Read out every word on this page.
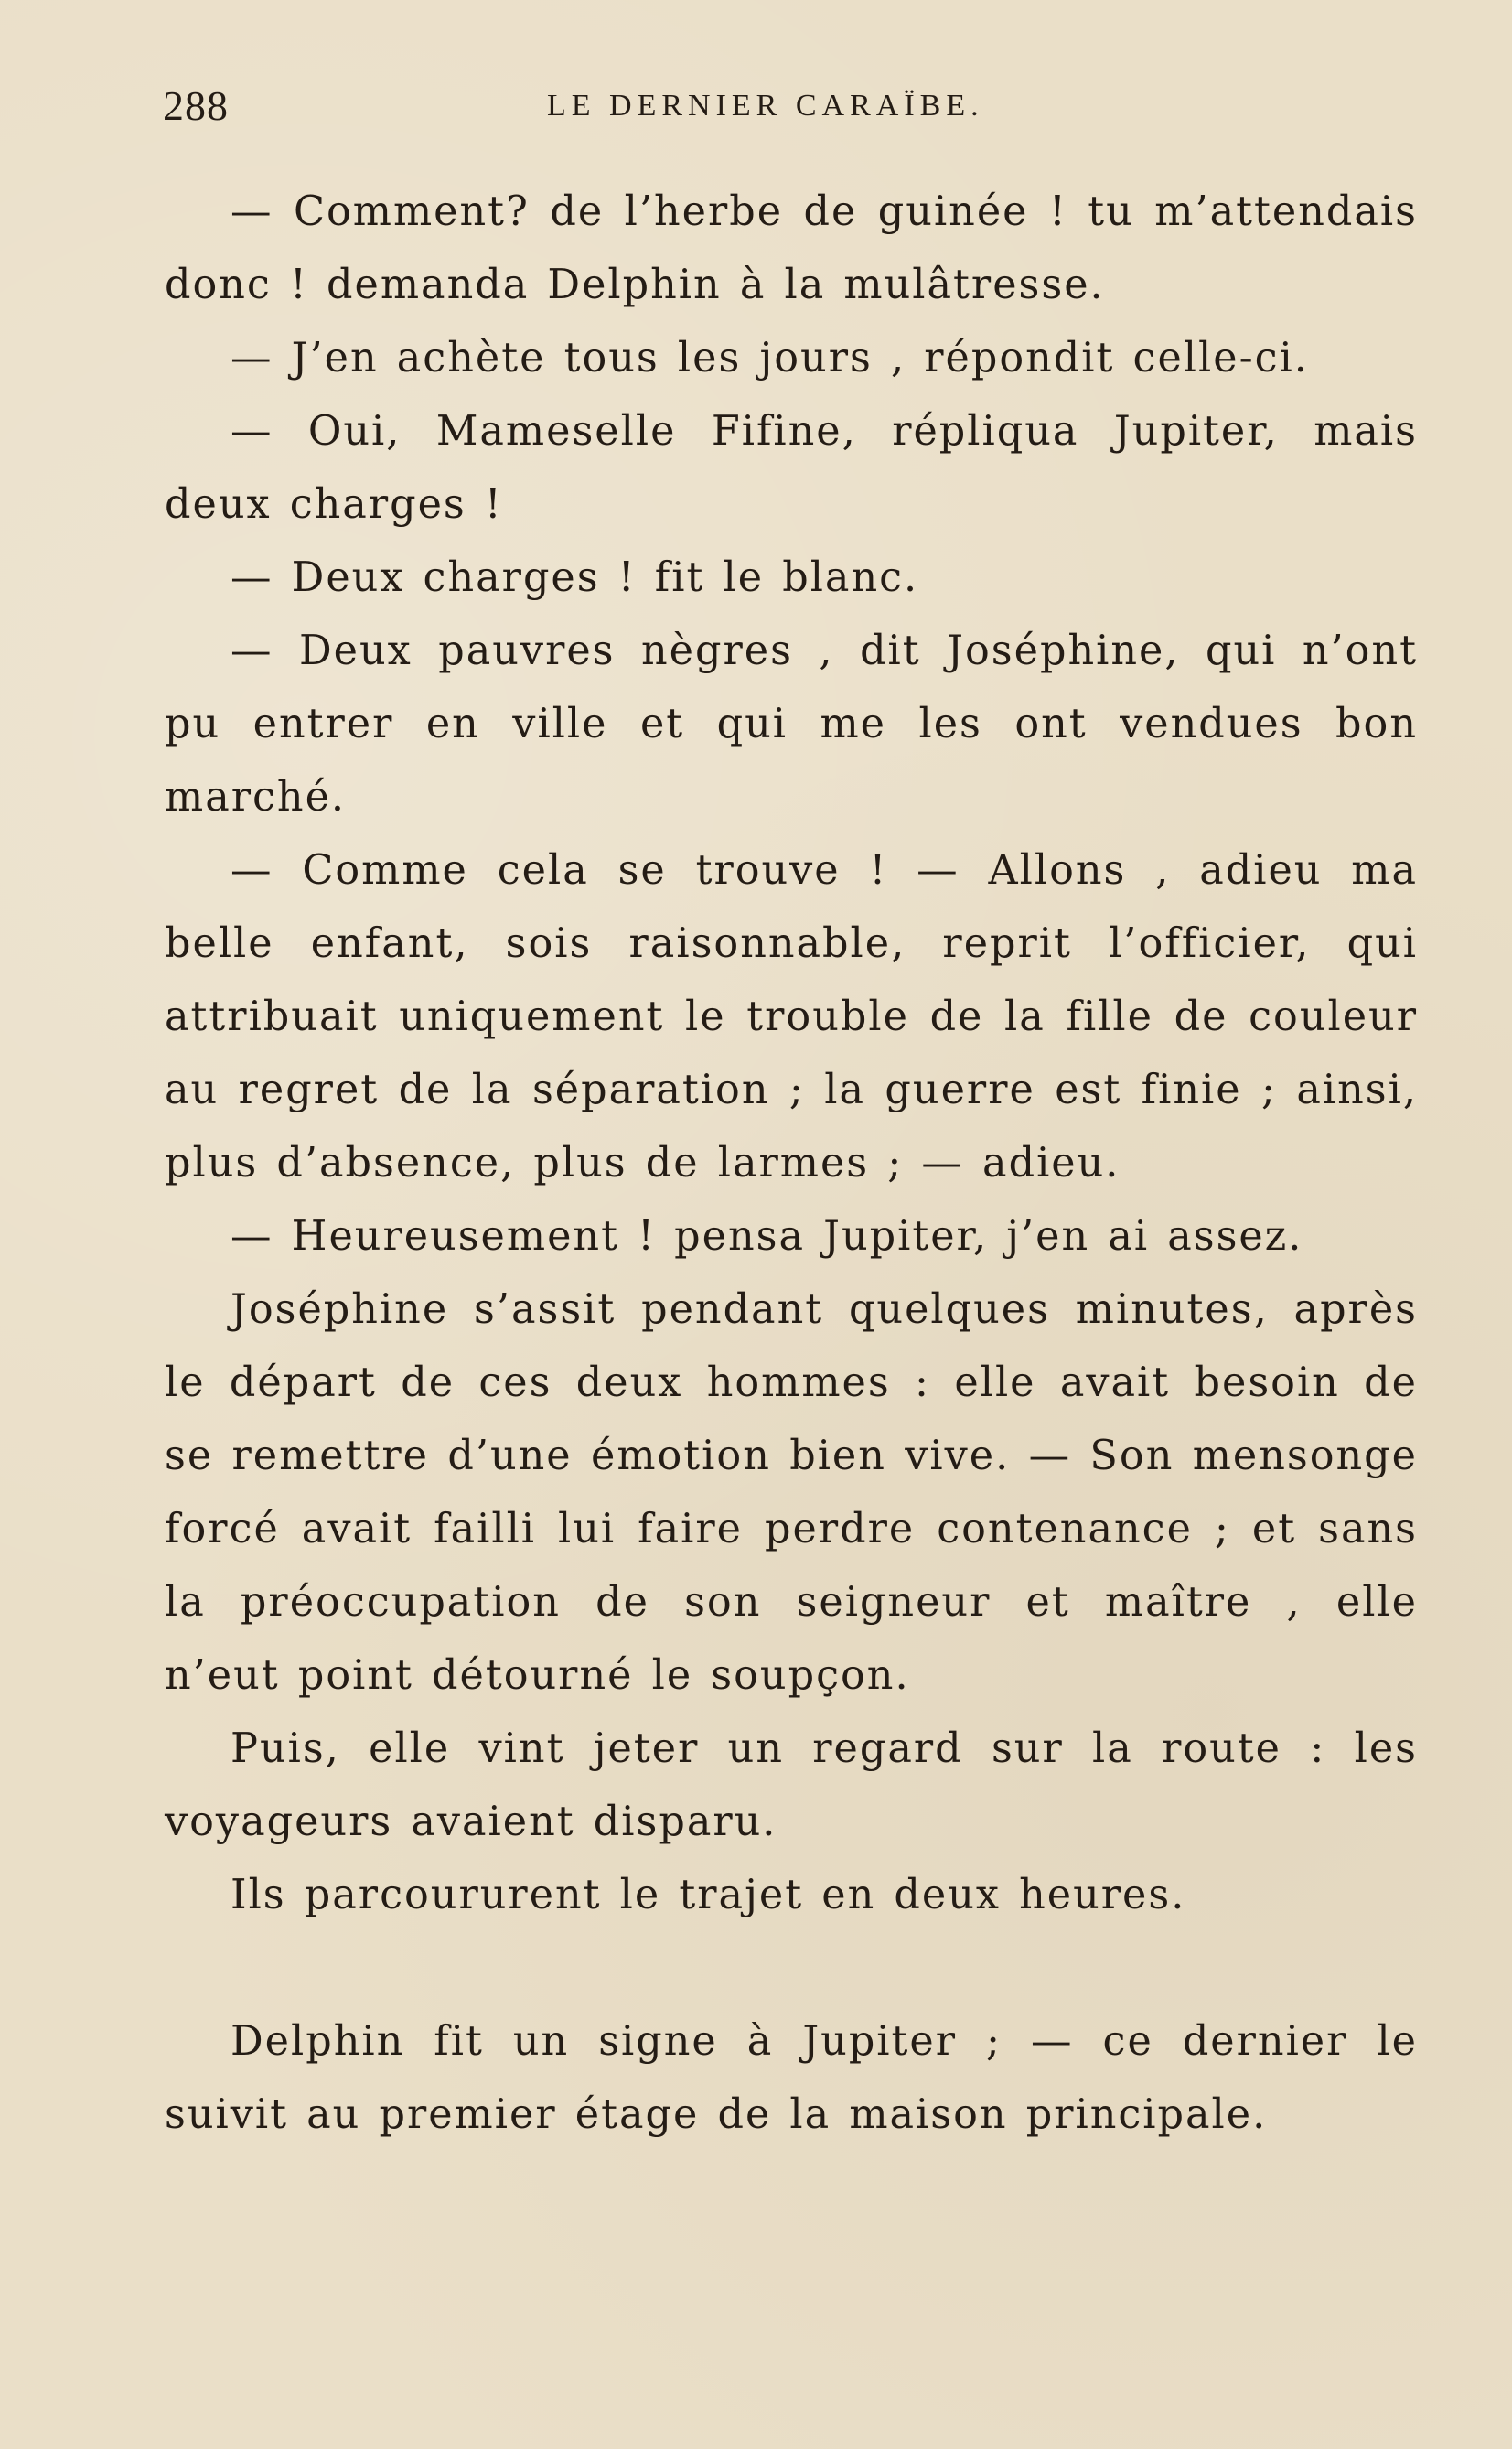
288	LE DERNIER CARAÏBE.

— Comment? de l’herbe de guinée ! tu m’attendais donc ! demanda Delphin à la mulâtresse.

— J’en achète tous les jours , répondit celle-ci.

— Oui, Mameselle Fifine, répliqua Jupiter, mais deux charges !

— Deux charges ! fit le blanc.

— Deux pauvres nègres , dit Joséphine, qui n’ont pu entrer en ville et qui me les ont vendues bon marché.

— Comme cela se trouve ! — Allons , adieu ma belle enfant, sois raisonnable, reprit l’officier, qui attribuait uniquement le trouble de la fille de couleur au regret de la séparation ; la guerre est finie ; ainsi, plus d’absence, plus de larmes ; — adieu.

— Heureusement ! pensa Jupiter, j’en ai assez.

Joséphine s’assit pendant quelques minutes, après le départ de ces deux hommes : elle avait besoin de se remettre d’une émotion bien vive. — Son mensonge forcé avait failli lui faire perdre contenance ; et sans la préoccupation de son seigneur et maître , elle n’eut point détourné le soupçon.

Puis, elle vint jeter un regard sur la route : les voyageurs avaient disparu.

Ils parcoururent le trajet en deux heures.

Delphin fit un signe à Jupiter ; — ce dernier le suivit au premier étage de la maison principale.
